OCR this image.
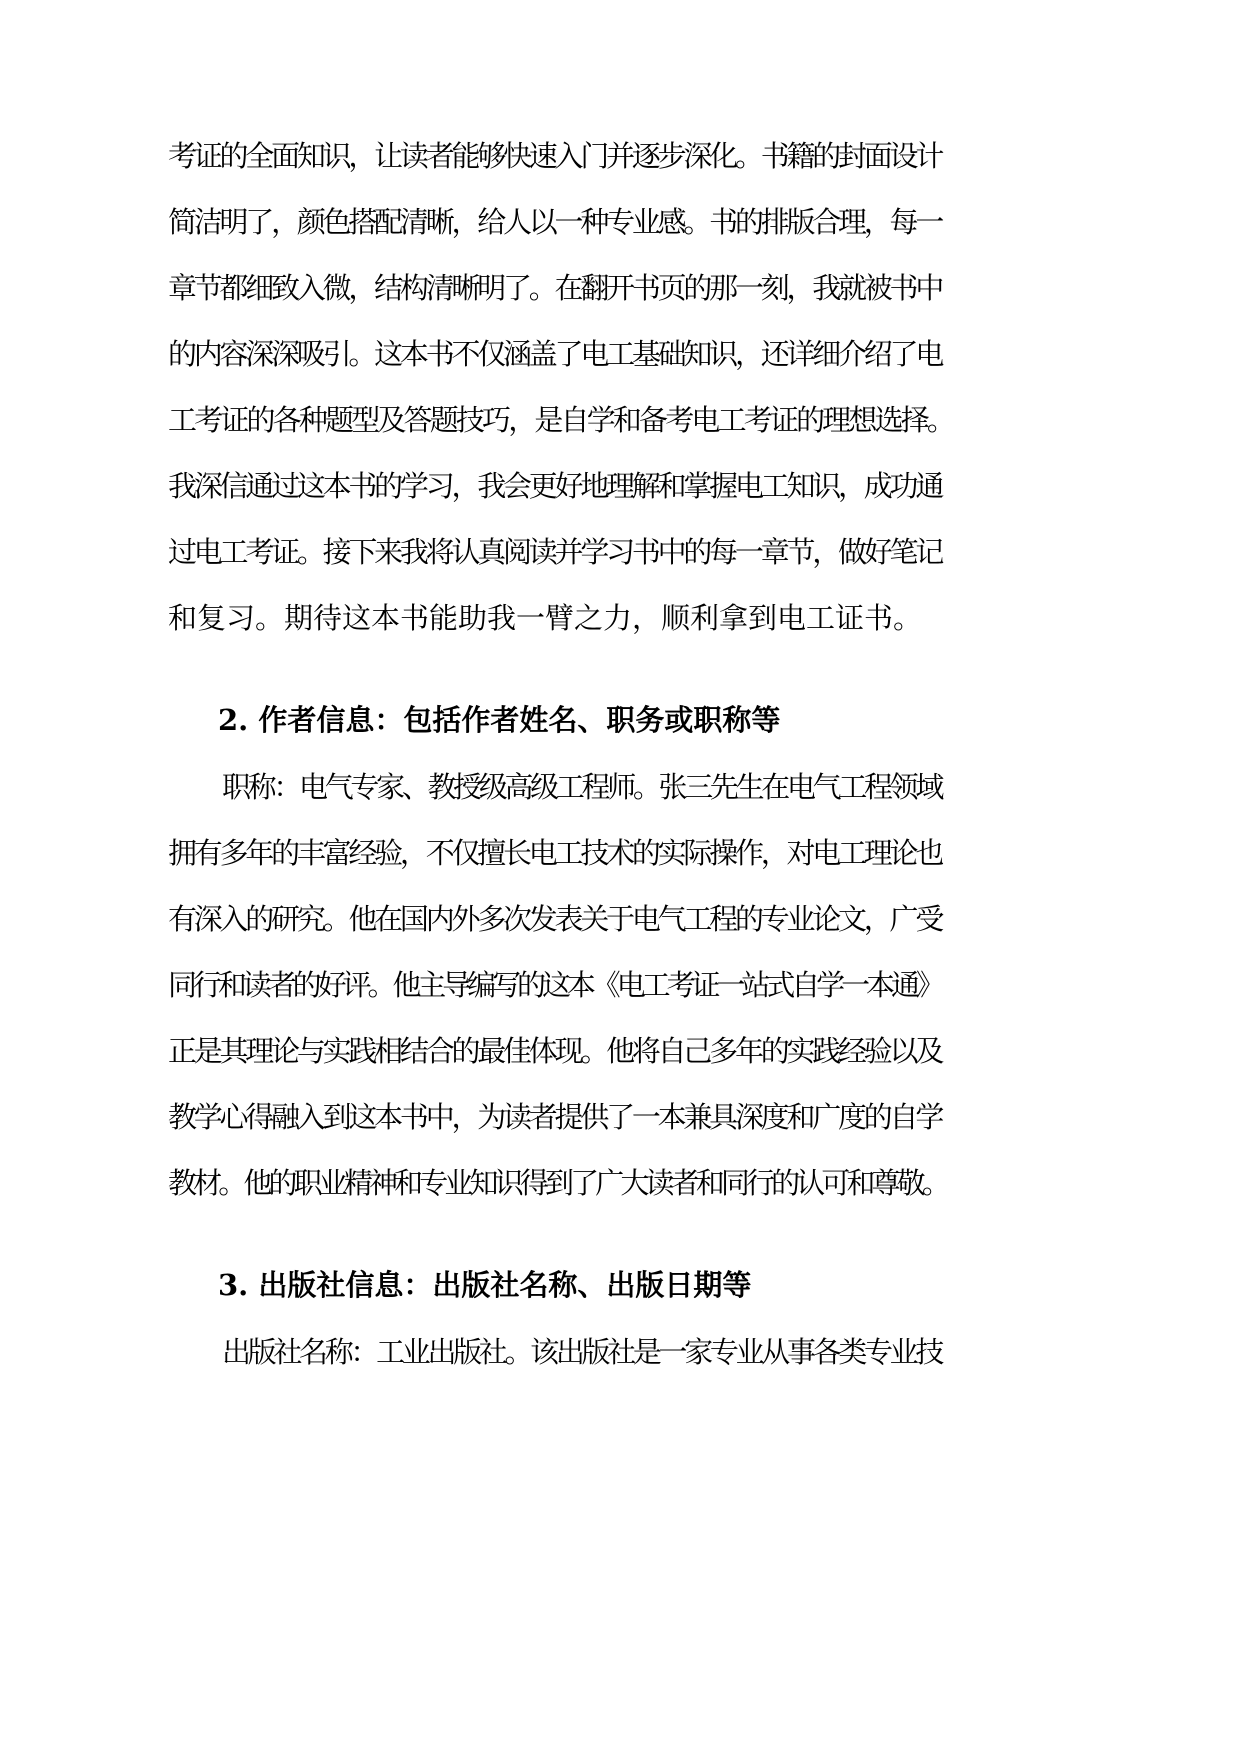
考证的全面知识，让读者能够快速入门并逐步深化。书籍的封面设计
简洁明了，颜色搭配清晰，给人以一种专业感。书的排版合理，每一
章节都细致入微，结构清晰明了。在翻开书页的那一刻，我就被书中
的内容深深吸引。这本书不仅涵盖了电工基础知识，还详细介绍了电
工考证的各种题型及答题技巧，是自学和备考电工考证的理想选择。
我深信通过这本书的学习，我会更好地理解和掌握电工知识，成功通
过电工考证。接下来我将认真阅读并学习书中的每一章节，做好笔记
和复习。期待这本书能助我一臂之力，顺利拿到电工证书。
2. 作者信息：包括作者姓名、职务或职称等
职称：电气专家、教授级高级工程师。张三先生在电气工程领域
拥有多年的丰富经验，不仅擅长电工技术的实际操作，对电工理论也
有深入的研究。他在国内外多次发表关于电气工程的专业论文，广受
同行和读者的好评。他主导编写的这本《电工考证一站式自学一本通》
正是其理论与实践相结合的最佳体现。他将自己多年的实践经验以及
教学心得融入到这本书中，为读者提供了一本兼具深度和广度的自学
教材。他的职业精神和专业知识得到了广大读者和同行的认可和尊敬。
3. 出版社信息：出版社名称、出版日期等
出版社名称：工业出版社。该出版社是一家专业从事各类专业技
